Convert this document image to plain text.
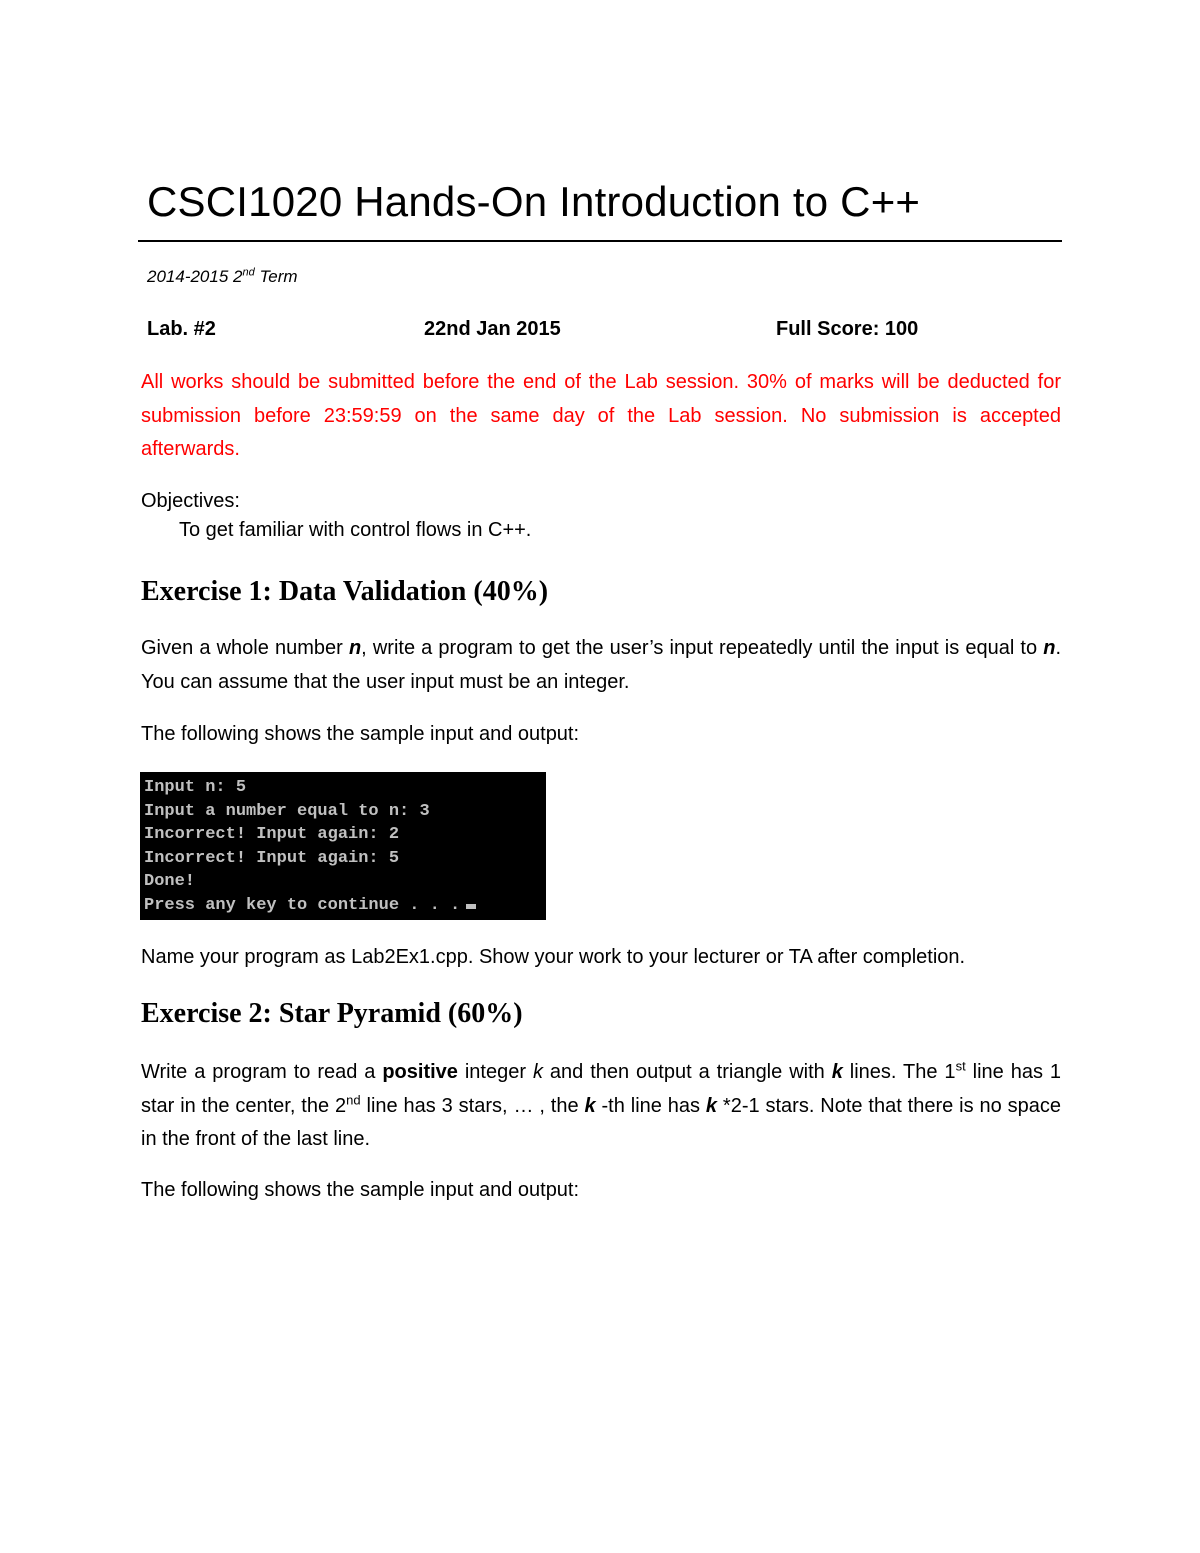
CSCI1020 Hands-On Introduction to C++
2014-2015 2nd Term
Lab. #2	22nd Jan 2015	Full Score: 100
All works should be submitted before the end of the Lab session. 30% of marks will be deducted for submission before 23:59:59 on the same day of the Lab session. No submission is accepted afterwards.
Objectives:
To get familiar with control flows in C++.
Exercise 1: Data Validation (40%)
Given a whole number n, write a program to get the user’s input repeatedly until the input is equal to n. You can assume that the user input must be an integer.
The following shows the sample input and output:
Input n: 5
Input a number equal to n: 3
Incorrect! Input again: 2
Incorrect! Input again: 5
Done!
Press any key to continue . . .
Name your program as Lab2Ex1.cpp. Show your work to your lecturer or TA after completion.
Exercise 2: Star Pyramid (60%)
Write a program to read a positive integer k and then output a triangle with k lines. The 1st line has 1 star in the center, the 2nd line has 3 stars, … , the k -th line has k *2-1 stars. Note that there is no space in the front of the last line.
The following shows the sample input and output:
